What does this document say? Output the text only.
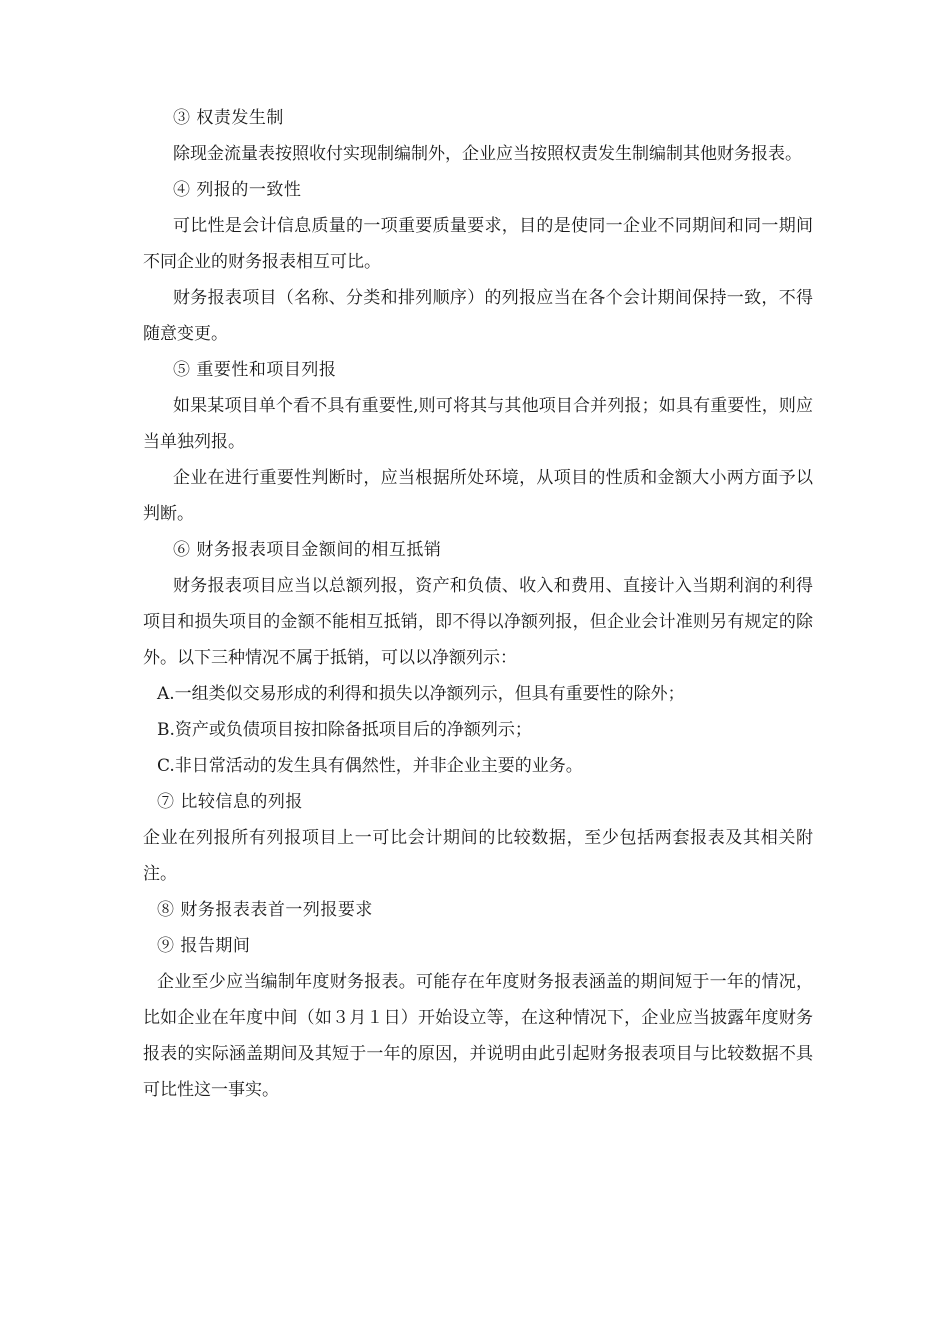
③ 权责发生制

除现金流量表按照收付实现制编制外，企业应当按照权责发生制编制其他财务报表。

④ 列报的一致性

可比性是会计信息质量的一项重要质量要求，目的是使同一企业不同期间和同一期间不同企业的财务报表相互可比。

财务报表项目（名称、分类和排列顺序）的列报应当在各个会计期间保持一致，不得随意变更。

⑤ 重要性和项目列报

如果某项目单个看不具有重要性,则可将其与其他项目合并列报；如具有重要性，则应当单独列报。

企业在进行重要性判断时，应当根据所处环境，从项目的性质和金额大小两方面予以判断。

⑥ 财务报表项目金额间的相互抵销

财务报表项目应当以总额列报，资产和负债、收入和费用、直接计入当期利润的利得项目和损失项目的金额不能相互抵销，即不得以净额列报，但企业会计准则另有规定的除外。以下三种情况不属于抵销，可以以净额列示：

A.一组类似交易形成的利得和损失以净额列示，但具有重要性的除外；

B.资产或负债项目按扣除备抵项目后的净额列示；

C.非日常活动的发生具有偶然性，并非企业主要的业务。

⑦ 比较信息的列报

企业在列报所有列报项目上一可比会计期间的比较数据，至少包括两套报表及其相关附注。

⑧ 财务报表表首一列报要求

⑨ 报告期间

企业至少应当编制年度财务报表。可能存在年度财务报表涵盖的期间短于一年的情况，比如企业在年度中间（如３月１日）开始设立等，在这种情况下，企业应当披露年度财务报表的实际涵盖期间及其短于一年的原因，并说明由此引起财务报表项目与比较数据不具可比性这一事实。
